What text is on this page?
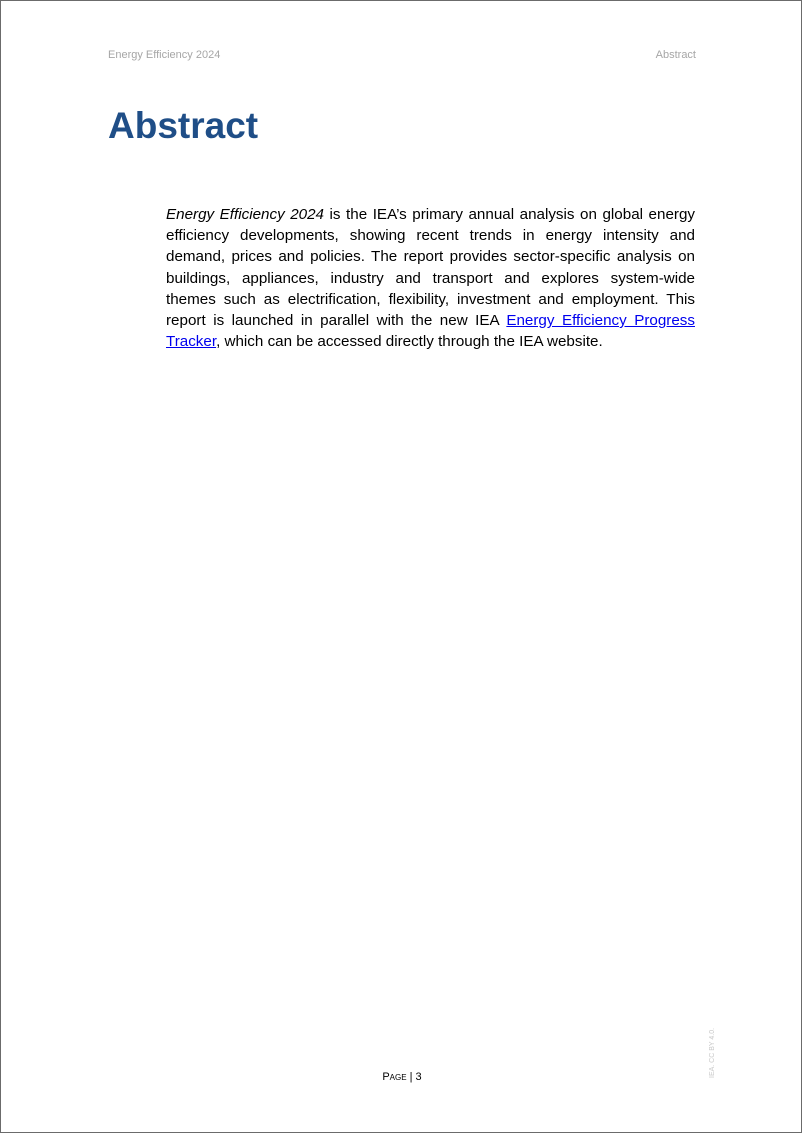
Energy Efficiency 2024	Abstract
Abstract

Energy Efficiency 2024 is the IEA’s primary annual analysis on global energy efficiency developments, showing recent trends in energy intensity and demand, prices and policies. The report provides sector-specific analysis on buildings, appliances, industry and transport and explores system-wide themes such as electrification, flexibility, investment and employment. This report is launched in parallel with the new IEA Energy Efficiency Progress Tracker, which can be accessed directly through the IEA website.

IEA. CC BY 4.0.
Page | 3
